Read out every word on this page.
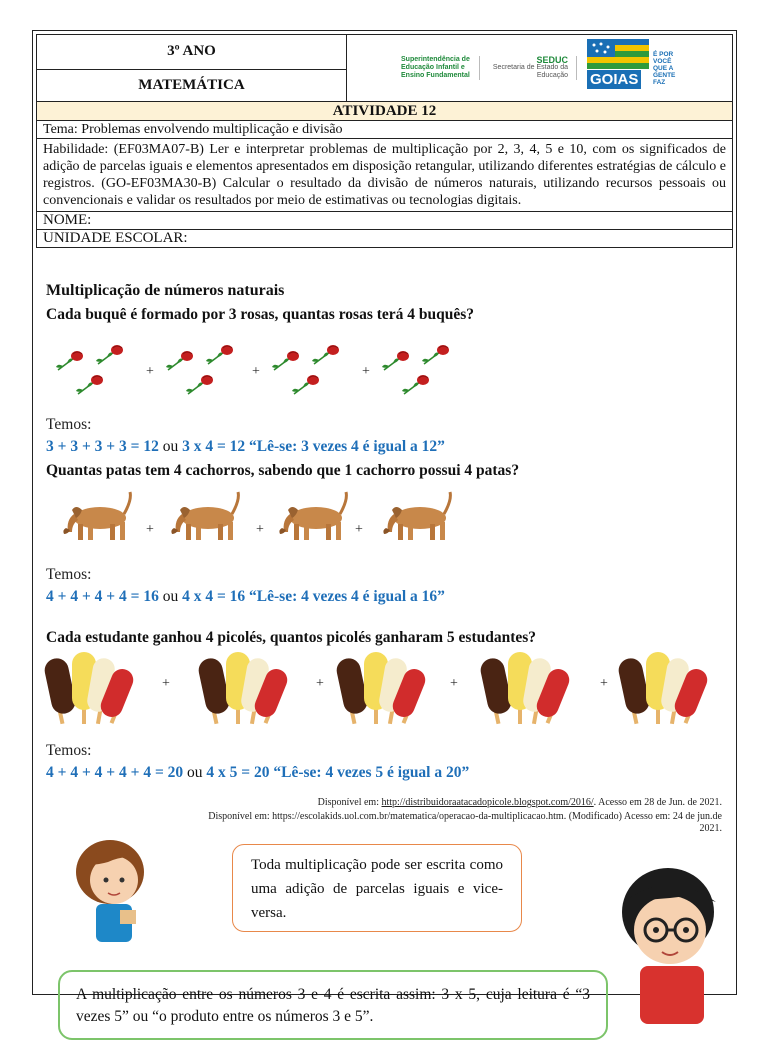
3º ANO	
Superintendência de Educação Infantil e Ensino Fundamental
SEDUC
Secretaria de Estado da Educação	GOIAS
É POR VOCÊ QUE A GENTE FAZ

MATEMÁTICA
ATIVIDADE 12
Tema: Problemas envolvendo multiplicação e divisão
Habilidade: (EF03MA07-B) Ler e interpretar problemas de multiplicação por 2, 3, 4, 5 e 10, com os significados de adição de parcelas iguais e elementos apresentados em disposição retangular, utilizando diferentes estratégias de cálculo e registros. (GO-EF03MA30-B) Calcular o resultado da divisão de números naturais, utilizando recursos pessoais ou convencionais e validar os resultados por meio de estimativas ou tecnologias digitais.
NOME:
UNIDADE ESCOLAR:
Multiplicação de números naturais
Cada buquê é formado por 3 rosas, quantas rosas terá 4 buquês?
+	+	+
Temos:
3 + 3 + 3 + 3 = 12 ou 3 x 4 = 12 “Lê-se: 3 vezes 4 é igual a 12”
Quantas patas tem 4 cachorros, sabendo que 1 cachorro possui 4 patas?
+	+	+
Temos:
4 + 4 + 4 + 4 = 16 ou 4 x 4 = 16 “Lê-se: 4 vezes 4 é igual a 16”
Cada estudante ganhou 4 picolés, quantos picolés ganharam 5 estudantes?
+	+	+	+
Temos:
4 + 4 + 4 + 4 + 4 = 20 ou 4 x 5 = 20 “Lê-se: 4 vezes 5 é igual a 20”
Disponível em: http://distribuidoraatacadopicole.blogspot.com/2016/. Acesso em 28 de Jun. de 2021.
Disponível em: https://escolakids.uol.com.br/matematica/operacao-da-multiplicacao.htm. (Modificado) Acesso em: 24 de jun.de
2021.
Toda multiplicação pode ser escrita como uma adição de parcelas iguais e vice-versa.
A multiplicação entre os números 3 e 4 é escrita assim: 3 x 5, cuja leitura é “3 vezes 5” ou “o produto entre os números 3 e 5”.
